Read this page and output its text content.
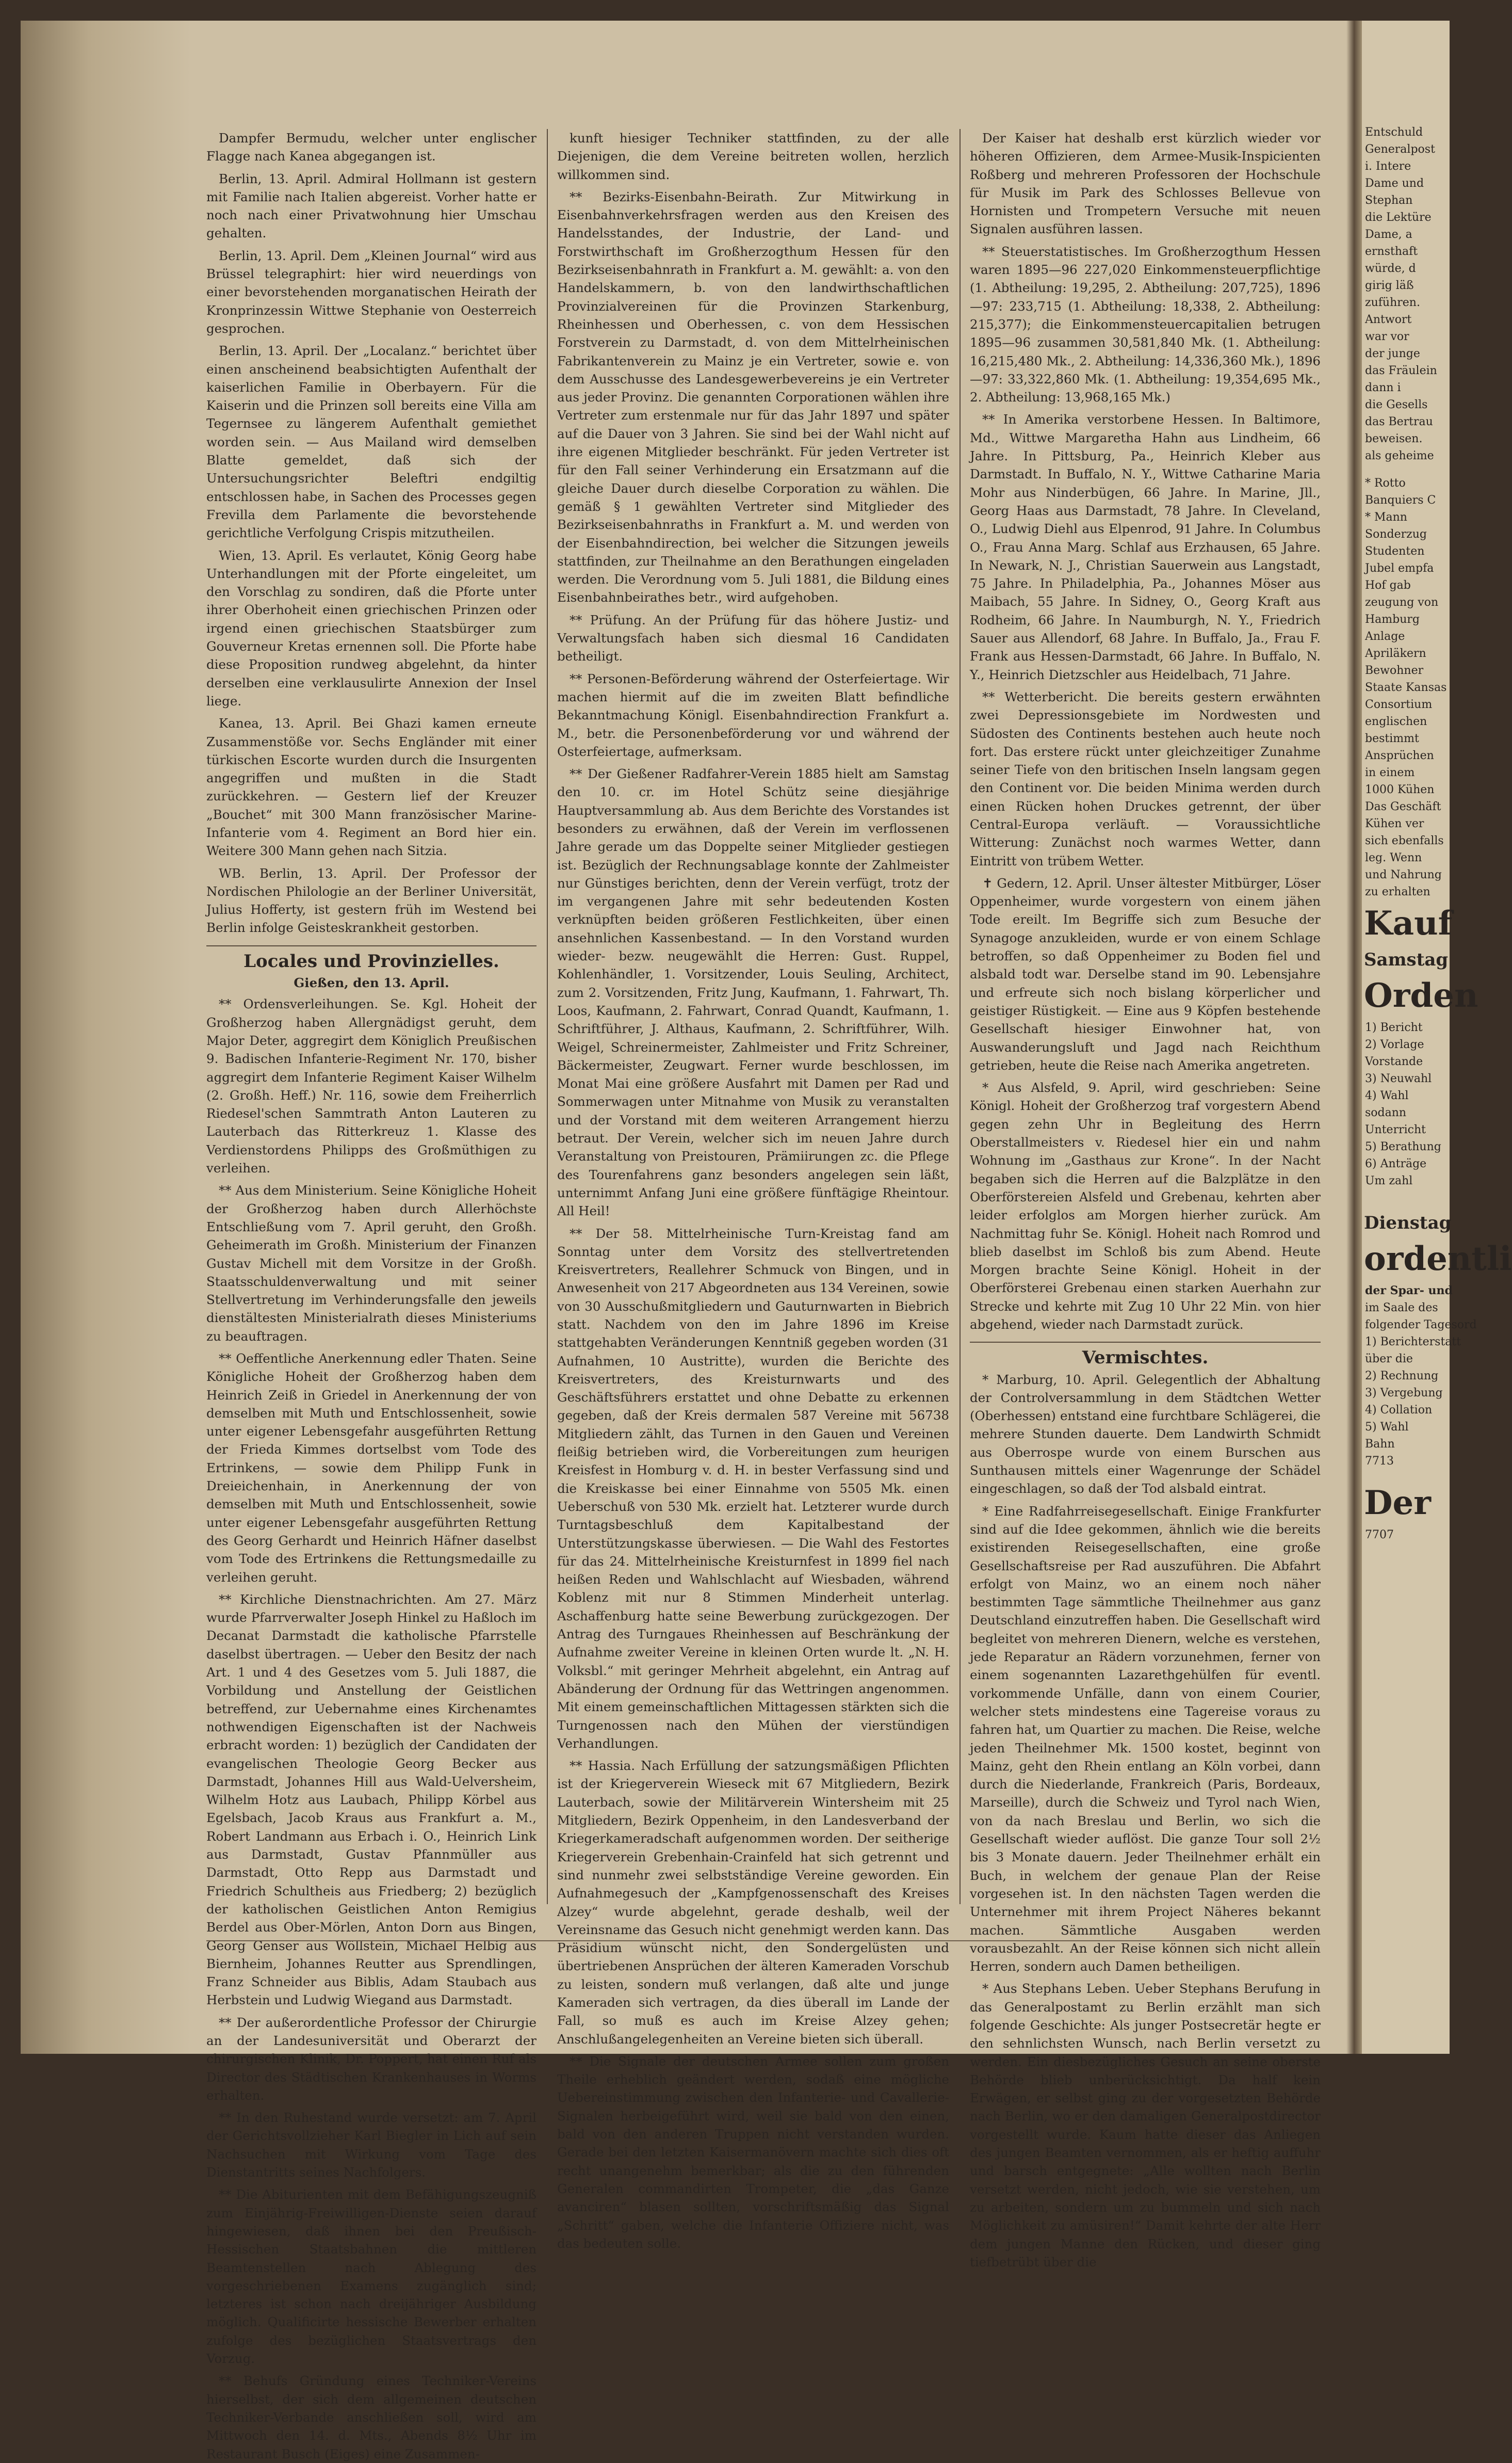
Dampfer Bermudu, welcher unter englischer Flagge nach Kanea abgegangen ist.

Berlin, 13. April. Admiral Hollmann ist gestern mit Familie nach Italien abgereist. Vorher hatte er noch nach einer Privatwohnung hier Umschau gehalten.

Berlin, 13. April. Dem „Kleinen Journal“ wird aus Brüssel telegraphirt: hier wird neuerdings von einer bevorstehenden morganatischen Heirath der Kronprinzessin Wittwe Stephanie von Oesterreich gesprochen.

Berlin, 13. April. Der „Localanz.“ berichtet über einen anscheinend beabsichtigten Aufenthalt der kaiserlichen Familie in Oberbayern. Für die Kaiserin und die Prinzen soll bereits eine Villa am Tegernsee zu längerem Aufenthalt gemiethet worden sein. — Aus Mailand wird demselben Blatte gemeldet, daß sich der Untersuchungsrichter Beleftri endgiltig entschlossen habe, in Sachen des Processes gegen Frevilla dem Parlamente die bevorstehende gerichtliche Verfolgung Crispis mitzutheilen.

Wien, 13. April. Es verlautet, König Georg habe Unterhandlungen mit der Pforte eingeleitet, um den Vorschlag zu sondiren, daß die Pforte unter ihrer Oberhoheit einen griechischen Prinzen oder irgend einen griechischen Staatsbürger zum Gouverneur Kretas ernennen soll. Die Pforte habe diese Proposition rundweg abgelehnt, da hinter derselben eine verklausulirte Annexion der Insel liege.

Kanea, 13. April. Bei Ghazi kamen erneute Zusammenstöße vor. Sechs Engländer mit einer türkischen Escorte wurden durch die Insurgenten angegriffen und mußten in die Stadt zurückkehren. — Gestern lief der Kreuzer „Bouchet“ mit 300 Mann französischer Marine-Infanterie vom 4. Regiment an Bord hier ein. Weitere 300 Mann gehen nach Sitzia.

WB. Berlin, 13. April. Der Professor der Nordischen Philologie an der Berliner Universität, Julius Hofferty, ist gestern früh im Westend bei Berlin infolge Geisteskrankheit gestorben.

Locales und Provinzielles.
Gießen, den 13. April.

** Ordensverleihungen. Se. Kgl. Hoheit der Großherzog haben Allergnädigst geruht, dem Major Deter, aggregirt dem Königlich Preußischen 9. Badischen Infanterie-Regiment Nr. 170, bisher aggregirt dem Infanterie Regiment Kaiser Wilhelm (2. Großh. Heff.) Nr. 116, sowie dem Freiherrlich Riedesel'schen Sammtrath Anton Lauteren zu Lauterbach das Ritterkreuz 1. Klasse des Verdienstordens Philipps des Großmüthigen zu verleihen.

** Aus dem Ministerium. Seine Königliche Hoheit der Großherzog haben durch Allerhöchste Entschließung vom 7. April geruht, den Großh. Geheimerath im Großh. Ministerium der Finanzen Gustav Michell mit dem Vorsitze in der Großh. Staatsschuldenverwaltung und mit seiner Stellvertretung im Verhinderungsfalle den jeweils dienstältesten Ministerialrath dieses Ministeriums zu beauftragen.

** Oeffentliche Anerkennung edler Thaten. Seine Königliche Hoheit der Großherzog haben dem Heinrich Zeiß in Griedel in Anerkennung der von demselben mit Muth und Entschlossenheit, sowie unter eigener Lebensgefahr ausgeführten Rettung der Frieda Kimmes dortselbst vom Tode des Ertrinkens, — sowie dem Philipp Funk in Dreieichenhain, in Anerkennung der von demselben mit Muth und Entschlossenheit, sowie unter eigener Lebensgefahr ausgeführten Rettung des Georg Gerhardt und Heinrich Häfner daselbst vom Tode des Ertrinkens die Rettungsmedaille zu verleihen geruht.

** Kirchliche Dienstnachrichten. Am 27. März wurde Pfarrverwalter Joseph Hinkel zu Haßloch im Decanat Darmstadt die katholische Pfarrstelle daselbst übertragen. — Ueber den Besitz der nach Art. 1 und 4 des Gesetzes vom 5. Juli 1887, die Vorbildung und Anstellung der Geistlichen betreffend, zur Uebernahme eines Kirchenamtes nothwendigen Eigenschaften ist der Nachweis erbracht worden: 1) bezüglich der Candidaten der evangelischen Theologie Georg Becker aus Darmstadt, Johannes Hill aus Wald-Uelversheim, Wilhelm Hotz aus Laubach, Philipp Körbel aus Egelsbach, Jacob Kraus aus Frankfurt a. M., Robert Landmann aus Erbach i. O., Heinrich Link aus Darmstadt, Gustav Pfannmüller aus Darmstadt, Otto Repp aus Darmstadt und Friedrich Schultheis aus Friedberg; 2) bezüglich der katholischen Geistlichen Anton Remigius Berdel aus Ober-Mörlen, Anton Dorn aus Bingen, Georg Genser aus Wöllstein, Michael Helbig aus Biernheim, Johannes Reutter aus Sprendlingen, Franz Schneider aus Biblis, Adam Staubach aus Herbstein und Ludwig Wiegand aus Darmstadt.

** Der außerordentliche Professor der Chirurgie an der Landesuniversität und Oberarzt der chirurgischen Klinik, Dr. Poppert, hat einen Ruf als Director des Städtischen Krankenhauses in Worms erhalten.

** In den Ruhestand wurde versetzt: am 7. April der Gerichtsvollzieher Karl Biegler in Lich auf sein Nachsuchen mit Wirkung vom Tage des Dienstantritts seines Nachfolgers.

** Die Abiturienten mit dem Befähigungszeugniß zum Einjährig-Freiwilligen-Dienste seien darauf hingewiesen, daß ihnen bei den Preußisch-Hessischen Staatsbahnen die mittleren Beamtenstellen nach Ablegung des vorgeschriebenen Examens zugänglich sind; letzteres ist schon nach dreijähriger Ausbildung möglich. Qualificirte hessische Bewerber erhalten zufolge des bezüglichen Staatsvertrags den Vorzug.

** Behufs Gründung eines Techniker-Vereins hierselbst, der sich dem allgemeinen deutschen Techniker-Verbande anschließen soll, wird am Mittwoch den 14. d. Mts., Abends 8½ Uhr im Restaurant Busch (Eiges) eine Zusammen-

kunft hiesiger Techniker stattfinden, zu der alle Diejenigen, die dem Vereine beitreten wollen, herzlich willkommen sind.

** Bezirks-Eisenbahn-Beirath. Zur Mitwirkung in Eisenbahnverkehrsfragen werden aus den Kreisen des Handelsstandes, der Industrie, der Land- und Forstwirthschaft im Großherzogthum Hessen für den Bezirkseisenbahnrath in Frankfurt a. M. gewählt: a. von den Handelskammern, b. von den landwirthschaftlichen Provinzialvereinen für die Provinzen Starkenburg, Rheinhessen und Oberhessen, c. von dem Hessischen Forstverein zu Darmstadt, d. von dem Mittelrheinischen Fabrikantenverein zu Mainz je ein Vertreter, sowie e. von dem Ausschusse des Landesgewerbevereins je ein Vertreter aus jeder Provinz. Die genannten Corporationen wählen ihre Vertreter zum erstenmale nur für das Jahr 1897 und später auf die Dauer von 3 Jahren. Sie sind bei der Wahl nicht auf ihre eigenen Mitglieder beschränkt. Für jeden Vertreter ist für den Fall seiner Verhinderung ein Ersatzmann auf die gleiche Dauer durch dieselbe Corporation zu wählen. Die gemäß § 1 gewählten Vertreter sind Mitglieder des Bezirkseisenbahnraths in Frankfurt a. M. und werden von der Eisenbahndirection, bei welcher die Sitzungen jeweils stattfinden, zur Theilnahme an den Berathungen eingeladen werden. Die Verordnung vom 5. Juli 1881, die Bildung eines Eisenbahnbeirathes betr., wird aufgehoben.

** Prüfung. An der Prüfung für das höhere Justiz- und Verwaltungsfach haben sich diesmal 16 Candidaten betheiligt.

** Personen-Beförderung während der Osterfeiertage. Wir machen hiermit auf die im zweiten Blatt befindliche Bekanntmachung Königl. Eisenbahndirection Frankfurt a. M., betr. die Personenbeförderung vor und während der Osterfeiertage, aufmerksam.

** Der Gießener Radfahrer-Verein 1885 hielt am Samstag den 10. cr. im Hotel Schütz seine diesjährige Hauptversammlung ab. Aus dem Berichte des Vorstandes ist besonders zu erwähnen, daß der Verein im verflossenen Jahre gerade um das Doppelte seiner Mitglieder gestiegen ist. Bezüglich der Rechnungsablage konnte der Zahlmeister nur Günstiges berichten, denn der Verein verfügt, trotz der im vergangenen Jahre mit sehr bedeutenden Kosten verknüpften beiden größeren Festlichkeiten, über einen ansehnlichen Kassenbestand. — In den Vorstand wurden wieder- bezw. neugewählt die Herren: Gust. Ruppel, Kohlenhändler, 1. Vorsitzender, Louis Seuling, Architect, zum 2. Vorsitzenden, Fritz Jung, Kaufmann, 1. Fahrwart, Th. Loos, Kaufmann, 2. Fahrwart, Conrad Quandt, Kaufmann, 1. Schriftführer, J. Althaus, Kaufmann, 2. Schriftführer, Wilh. Weigel, Schreinermeister, Zahlmeister und Fritz Schreiner, Bäckermeister, Zeugwart. Ferner wurde beschlossen, im Monat Mai eine größere Ausfahrt mit Damen per Rad und Sommerwagen unter Mitnahme von Musik zu veranstalten und der Vorstand mit dem weiteren Arrangement hierzu betraut. Der Verein, welcher sich im neuen Jahre durch Veranstaltung von Preistouren, Prämiirungen zc. die Pflege des Tourenfahrens ganz besonders angelegen sein läßt, unternimmt Anfang Juni eine größere fünftägige Rheintour. All Heil!

** Der 58. Mittelrheinische Turn-Kreistag fand am Sonntag unter dem Vorsitz des stellvertretenden Kreisvertreters, Reallehrer Schmuck von Bingen, und in Anwesenheit von 217 Abgeordneten aus 134 Vereinen, sowie von 30 Ausschußmitgliedern und Gauturnwarten in Biebrich statt. Nachdem von den im Jahre 1896 im Kreise stattgehabten Veränderungen Kenntniß gegeben worden (31 Aufnahmen, 10 Austritte), wurden die Berichte des Kreisvertreters, des Kreisturnwarts und des Geschäftsführers erstattet und ohne Debatte zu erkennen gegeben, daß der Kreis dermalen 587 Vereine mit 56738 Mitgliedern zählt, das Turnen in den Gauen und Vereinen fleißig betrieben wird, die Vorbereitungen zum heurigen Kreisfest in Homburg v. d. H. in bester Verfassung sind und die Kreiskasse bei einer Einnahme von 5505 Mk. einen Ueberschuß von 530 Mk. erzielt hat. Letzterer wurde durch Turntagsbeschluß dem Kapitalbestand der Unterstützungskasse überwiesen. — Die Wahl des Festortes für das 24. Mittelrheinische Kreisturnfest in 1899 fiel nach heißen Reden und Wahlschlacht auf Wiesbaden, während Koblenz mit nur 8 Stimmen Minderheit unterlag. Aschaffenburg hatte seine Bewerbung zurückgezogen. Der Antrag des Turngaues Rheinhessen auf Beschränkung der Aufnahme zweiter Vereine in kleinen Orten wurde lt. „N. H. Volksbl.“ mit geringer Mehrheit abgelehnt, ein Antrag auf Abänderung der Ordnung für das Wettringen angenommen. Mit einem gemeinschaftlichen Mittagessen stärkten sich die Turngenossen nach den Mühen der vierstündigen Verhandlungen.

** Hassia. Nach Erfüllung der satzungsmäßigen Pflichten ist der Kriegerverein Wieseck mit 67 Mitgliedern, Bezirk Lauterbach, sowie der Militärverein Wintersheim mit 25 Mitgliedern, Bezirk Oppenheim, in den Landesverband der Kriegerkameradschaft aufgenommen worden. Der seitherige Kriegerverein Grebenhain-Crainfeld hat sich getrennt und sind nunmehr zwei selbstständige Vereine geworden. Ein Aufnahmegesuch der „Kampfgenossenschaft des Kreises Alzey“ wurde abgelehnt, gerade deshalb, weil der Vereinsname das Gesuch nicht genehmigt werden kann. Das Präsidium wünscht nicht, den Sondergelüsten und übertriebenen Ansprüchen der älteren Kameraden Vorschub zu leisten, sondern muß verlangen, daß alte und junge Kameraden sich vertragen, da dies überall im Lande der Fall, so muß es auch im Kreise Alzey gehen; Anschlußangelegenheiten an Vereine bieten sich überall.

** Die Signale der deutschen Armee sollen zum großen Theile erheblich geändert werden, sodaß eine mögliche Uebereinstimmung zwischen den Infanterie- und Cavallerie-Signalen herbeigeführt wird, weil sie bald von den einen, bald von den anderen Truppen nicht verstanden wurden. Gerade bei den letzten Kaisermanövern machte sich dies oft recht unangenehm bemerkbar; als die zu den führenden Generalen commandirten Trompeter, die „das Ganze avanciren“ blasen sollten, vorschriftsmäßig das Signal „Schritt“ gaben, welche die Infanterie Offiziere nicht, was das bedeuten solle.

Der Kaiser hat deshalb erst kürzlich wieder vor höheren Offizieren, dem Armee-Musik-Inspicienten Roßberg und mehreren Professoren der Hochschule für Musik im Park des Schlosses Bellevue von Hornisten und Trompetern Versuche mit neuen Signalen ausführen lassen.

** Steuerstatistisches. Im Großherzogthum Hessen waren 1895—96 227,020 Einkommensteuerpflichtige (1. Abtheilung: 19,295, 2. Abtheilung: 207,725), 1896—97: 233,715 (1. Abtheilung: 18,338, 2. Abtheilung: 215,377); die Einkommensteuercapitalien betrugen 1895—96 zusammen 30,581,840 Mk. (1. Abtheilung: 16,215,480 Mk., 2. Abtheilung: 14,336,360 Mk.), 1896—97: 33,322,860 Mk. (1. Abtheilung: 19,354,695 Mk., 2. Abtheilung: 13,968,165 Mk.)

** In Amerika verstorbene Hessen. In Baltimore, Md., Wittwe Margaretha Hahn aus Lindheim, 66 Jahre. In Pittsburg, Pa., Heinrich Kleber aus Darmstadt. In Buffalo, N. Y., Wittwe Catharine Maria Mohr aus Ninderbügen, 66 Jahre. In Marine, Jll., Georg Haas aus Darmstadt, 78 Jahre. In Cleveland, O., Ludwig Diehl aus Elpenrod, 91 Jahre. In Columbus O., Frau Anna Marg. Schlaf aus Erzhausen, 65 Jahre. In Newark, N. J., Christian Sauerwein aus Langstadt, 75 Jahre. In Philadelphia, Pa., Johannes Möser aus Maibach, 55 Jahre. In Sidney, O., Georg Kraft aus Rodheim, 66 Jahre. In Naumburgh, N. Y., Friedrich Sauer aus Allendorf, 68 Jahre. In Buffalo, Ja., Frau F. Frank aus Hessen-Darmstadt, 66 Jahre. In Buffalo, N. Y., Heinrich Dietzschler aus Heidelbach, 71 Jahre.

** Wetterbericht. Die bereits gestern erwähnten zwei Depressionsgebiete im Nordwesten und Südosten des Continents bestehen auch heute noch fort. Das erstere rückt unter gleichzeitiger Zunahme seiner Tiefe von den britischen Inseln langsam gegen den Continent vor. Die beiden Minima werden durch einen Rücken hohen Druckes getrennt, der über Central-Europa verläuft. — Voraussichtliche Witterung: Zunächst noch warmes Wetter, dann Eintritt von trübem Wetter.

✝ Gedern, 12. April. Unser ältester Mitbürger, Löser Oppenheimer, wurde vorgestern von einem jähen Tode ereilt. Im Begriffe sich zum Besuche der Synagoge anzukleiden, wurde er von einem Schlage betroffen, so daß Oppenheimer zu Boden fiel und alsbald todt war. Derselbe stand im 90. Lebensjahre und erfreute sich noch bislang körperlicher und geistiger Rüstigkeit. — Eine aus 9 Köpfen bestehende Gesellschaft hiesiger Einwohner hat, von Auswanderungsluft und Jagd nach Reichthum getrieben, heute die Reise nach Amerika angetreten.

* Aus Alsfeld, 9. April, wird geschrieben: Seine Königl. Hoheit der Großherzog traf vorgestern Abend gegen zehn Uhr in Begleitung des Herrn Oberstallmeisters v. Riedesel hier ein und nahm Wohnung im „Gasthaus zur Krone“. In der Nacht begaben sich die Herren auf die Balzplätze in den Oberförstereien Alsfeld und Grebenau, kehrten aber leider erfolglos am Morgen hierher zurück. Am Nachmittag fuhr Se. Königl. Hoheit nach Romrod und blieb daselbst im Schloß bis zum Abend. Heute Morgen brachte Seine Königl. Hoheit in der Oberförsterei Grebenau einen starken Auerhahn zur Strecke und kehrte mit Zug 10 Uhr 22 Min. von hier abgehend, wieder nach Darmstadt zurück.

Vermischtes.

* Marburg, 10. April. Gelegentlich der Abhaltung der Controlversammlung in dem Städtchen Wetter (Oberhessen) entstand eine furchtbare Schlägerei, die mehrere Stunden dauerte. Dem Landwirth Schmidt aus Oberrospe wurde von einem Burschen aus Sunthausen mittels einer Wagenrunge der Schädel eingeschlagen, so daß der Tod alsbald eintrat.

* Eine Radfahrreisegesellschaft. Einige Frankfurter sind auf die Idee gekommen, ähnlich wie die bereits existirenden Reisegesellschaften, eine große Gesellschaftsreise per Rad auszuführen. Die Abfahrt erfolgt von Mainz, wo an einem noch näher bestimmten Tage sämmtliche Theilnehmer aus ganz Deutschland einzutreffen haben. Die Gesellschaft wird begleitet von mehreren Dienern, welche es verstehen, jede Reparatur an Rädern vorzunehmen, ferner von einem sogenannten Lazarethgehülfen für eventl. vorkommende Unfälle, dann von einem Courier, welcher stets mindestens eine Tagereise voraus zu fahren hat, um Quartier zu machen. Die Reise, welche jeden Theilnehmer Mk. 1500 kostet, beginnt von Mainz, geht den Rhein entlang an Köln vorbei, dann durch die Niederlande, Frankreich (Paris, Bordeaux, Marseille), durch die Schweiz und Tyrol nach Wien, von da nach Breslau und Berlin, wo sich die Gesellschaft wieder auflöst. Die ganze Tour soll 2½ bis 3 Monate dauern. Jeder Theilnehmer erhält ein Buch, in welchem der genaue Plan der Reise vorgesehen ist. In den nächsten Tagen werden die Unternehmer mit ihrem Project Näheres bekannt machen. Sämmtliche Ausgaben werden vorausbezahlt. An der Reise können sich nicht allein Herren, sondern auch Damen betheiligen.

* Aus Stephans Leben. Ueber Stephans Berufung in das Generalpostamt zu Berlin erzählt man sich folgende Geschichte: Als junger Postsecretär hegte er den sehnlichsten Wunsch, nach Berlin versetzt zu werden. Ein diesbezügliches Gesuch an seine oberste Behörde blieb unberücksichtigt. Da half kein Erwägen, er selbst ging zu der vorgesetzten Behörde nach Berlin, wo er den damaligen Generalpostdirector vorgestellt wurde. Kaum hatte dieser das Anliegen des jungen Beamten vernommen, als er heftig auffuhr und barsch entgegnete: „Alle wollten nach Berlin versetzt werden, nicht jedoch, wie sie verstehen, um zu arbeiten, sondern um zu bummeln und sich nach Möglichkeit zu amüsiren!“ Damit kehrte der alte Herr dem jungen Manne den Rücken, und dieser ging tiefbetrübt über die

Entschuld
Generalpost
i. Intere
Dame und
Stephan
die Lektüre
Dame, a
ernsthaft
würde, d
girig läß
zuführen.
Antwort
war vor
der junge
das Fräulein
dann i
die Gesells
das Bertrau
beweisen.
als geheime
* Rotto
Banquiers C
* Mann
Sonderzug
Studenten
Jubel empfa
Hof gab
zeugung von
Hamburg
Anlage
Apriläkern
Bewohner
Staate Kansas
Consortium
englischen
bestimmt
Ansprüchen
in einem
1000 Kühen
Das Geschäft
Kühen ver
sich ebenfalls
leg. Wenn
und Nahrung
zu erhalten
Kauf
Samstag
Orden
1) Bericht
2) Vorlage
Vorstande
3) Neuwahl
4) Wahl
sodann
Unterricht
5) Berathung
6) Anträge
Um zahl
Dienstag
ordentli
der Spar- und
im Saale des
folgender Tagesord
1) Berichterstatt
über die
2) Rechnung
3) Vergebung
4) Collation
5) Wahl
Bahn
7713
Der
7707
